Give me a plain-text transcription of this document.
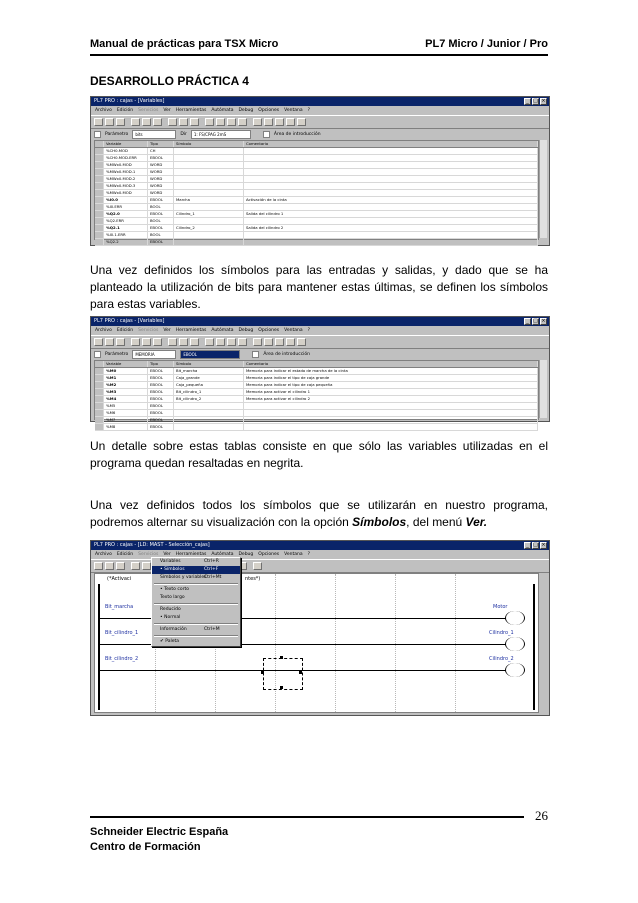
Manual de prácticas para TSX Micro	PL7 Micro / Junior / Pro
DESARROLLO PRÁCTICA 4
PL7 PRO : cajas - [Variables]	_ □ ×
Archivo Edición Servicios Ver Herramientas Autómata Debug Opciones Ventana ?
Parámetro	bits	Dir	1: FS/CPAG 2mS	Área de introducción
Variable	Tipo	Símbolo	Comentario
%CH0.MOD	CH
%CH0.MOD.ERR	EBOOL
%MWx0.MOD	WORD
%MWx0.MOD.1	WORD
%MWx0.MOD.2	WORD
%MWx0.MOD.3	WORD
%MWx0.MOD	WORD
%I0.0	EBOOL	Marcha	Activación de la cinta
%I0.ERR	BOOL
%Q2.0	EBOOL	Cilindro_1	Salida del cilindro 1
%Q2.ERR	BOOL
%Q2.1	EBOOL	Cilindro_2	Salida del cilindro 2
%I0.1.ERR	BOOL
%Q2.2	EBOOL

Una vez definidos los símbolos para las entradas y salidas, y dado que se ha planteado la utilización de bits para mantener estas últimas, se definen los símbolos para estas variables.

PL7 PRO : cajas - [Variables]	_ □ ×
Archivo Edición Servicios Ver Herramientas Autómata Debug Opciones Ventana ?
Parámetro	MEMORIA	EBOOL	Área de introducción
Variable	Tipo	Símbolo	Comentario
%M0	EBOOL	Bit_marcha	Memoria para indicar el estado de marcha de la cinta
%M1	EBOOL	Caja_grande	Memoria para indicar el tipo de caja grande
%M2	EBOOL	Caja_pequeña	Memoria para indicar el tipo de caja pequeña
%M3	EBOOL	Bit_cilindro_1	Memoria para activar el cilindro 1
%M4	EBOOL	Bit_cilindro_2	Memoria para activar el cilindro 2
%M5	EBOOL
%M6	EBOOL
%M7	EBOOL
%M8	EBOOL

Un detalle sobre estas tablas consiste en que sólo las variables utilizadas en el programa quedan resaltadas en negrita.

Una vez definidos todos los símbolos que se utilizarán en nuestro programa, podremos alternar su visualización con la opción Símbolos, del menú Ver.

PL7 PRO : cajas - [LD: MAST - Selección_cajas]	_ □ ×
Archivo Edición Servicios Ver Herramientas Autómata Debug Opciones Ventana ?
(*Activaci	ntes*)
Bit_marcha	Motor
Bit_cilindro_1	Cilindro_1
Bit_cilindro_2	Cilindro_2
Variables	Ctrl+R
• Símbolos	Ctrl+F
Símbolos y variables
Ctrl+Mt
• Texto corto
Texto largo
Reducido
• Normal
Información	Ctrl+M
✔ Paleta
26
Schneider Electric España
Centro de Formación
